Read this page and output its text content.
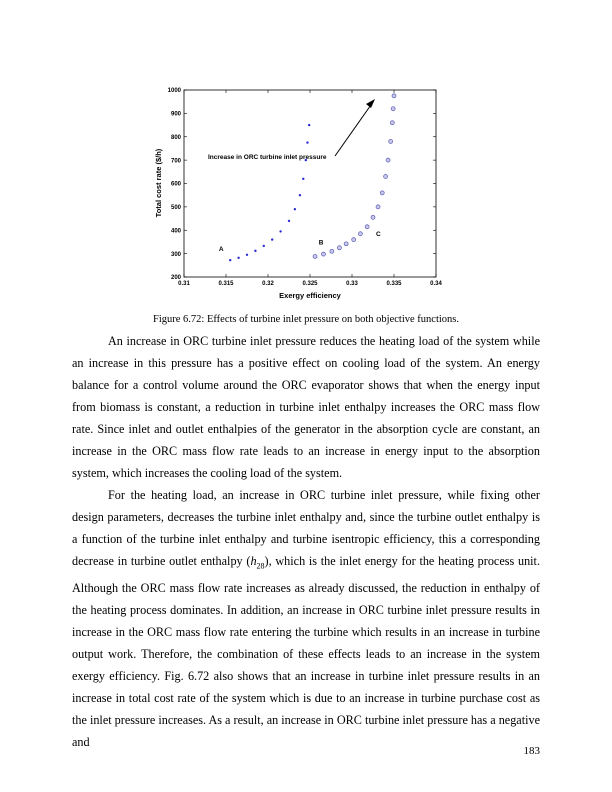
200
300
400
500
600
700
800
900
1000
0.31	0.315	0.32	0.325	0.33	0.335	0.34
A
B
C
Increase in ORC turbine inlet pressure
Exergy efficiency
Total cost rate ($/h)
Figure 6.72: Effects of turbine inlet pressure on both objective functions.

An increase in ORC turbine inlet pressure reduces the heating load of the system while an increase in this pressure has a positive effect on cooling load of the system. An energy balance for a control volume around the ORC evaporator shows that when the energy input from biomass is constant, a reduction in turbine inlet enthalpy increases the ORC mass flow rate. Since inlet and outlet enthalpies of the generator in the absorption cycle are constant, an increase in the ORC mass flow rate leads to an increase in energy input to the absorption system, which increases the cooling load of the system.

For the heating load, an increase in ORC turbine inlet pressure, while fixing other design parameters, decreases the turbine inlet enthalpy and, since the turbine outlet enthalpy is a function of the turbine inlet enthalpy and turbine isentropic efficiency, this a corresponding decrease in turbine outlet enthalpy $(h_{28})$, which is the inlet energy for the heating process unit. Although the ORC mass flow rate increases as already discussed, the reduction in enthalpy of the heating process dominates. In addition, an increase in ORC turbine inlet pressure results in increase in the ORC mass flow rate entering the turbine which results in an increase in turbine output work. Therefore, the combination of these effects leads to an increase in the system exergy efficiency. Fig. 6.72 also shows that an increase in turbine inlet pressure results in an increase in total cost rate of the system which is due to an increase in turbine purchase cost as the inlet pressure increases. As a result, an increase in ORC turbine inlet pressure has a negative and

183
